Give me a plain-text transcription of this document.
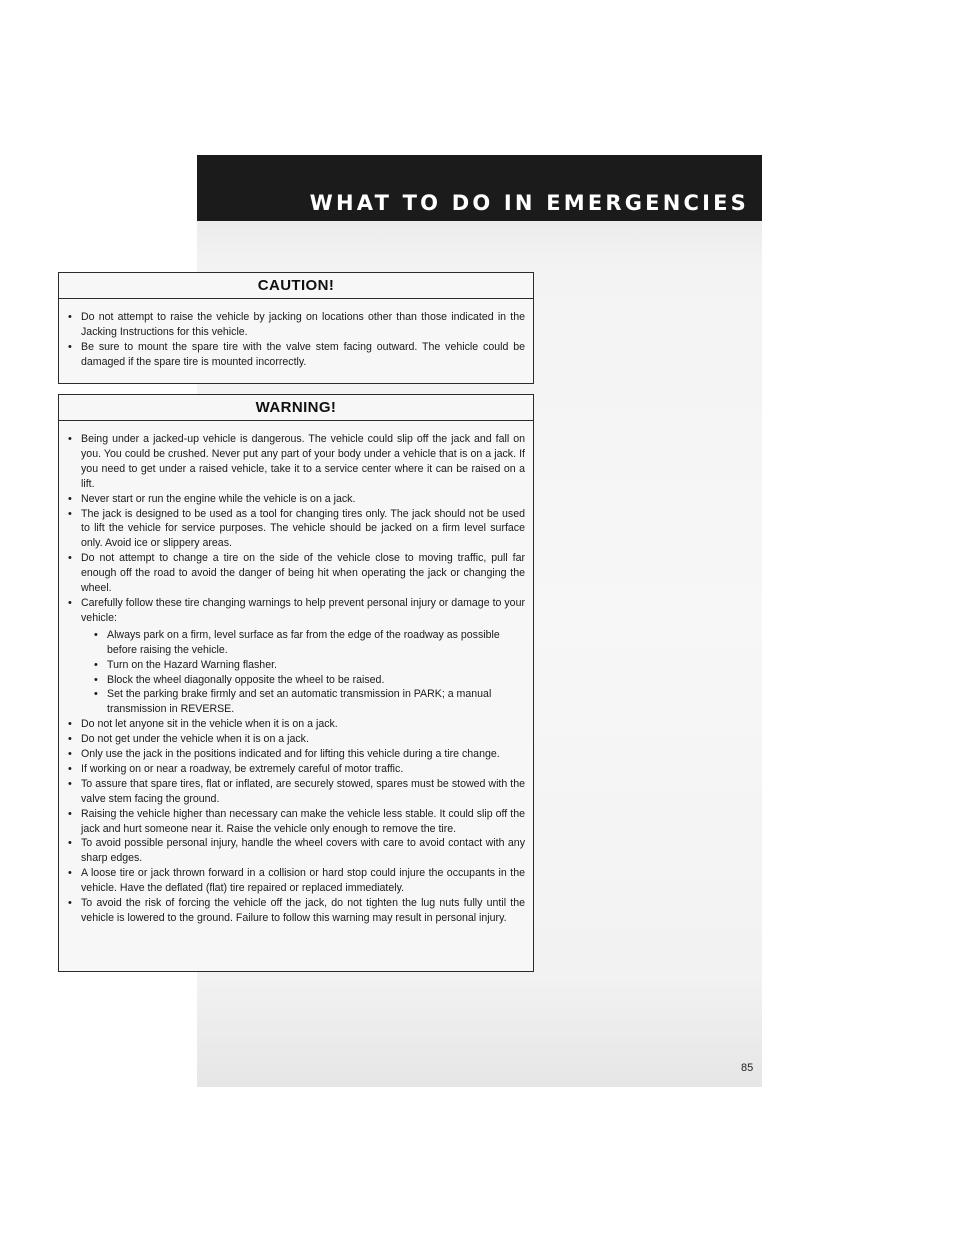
WHAT TO DO IN EMERGENCIES
CAUTION!
• Do not attempt to raise the vehicle by jacking on locations other than those indicated in the Jacking Instructions for this vehicle.
• Be sure to mount the spare tire with the valve stem facing outward. The vehicle could be damaged if the spare tire is mounted incorrectly.
WARNING!
• Being under a jacked-up vehicle is dangerous. The vehicle could slip off the jack and fall on you. You could be crushed. Never put any part of your body under a vehicle that is on a jack. If you need to get under a raised vehicle, take it to a service center where it can be raised on a lift.
• Never start or run the engine while the vehicle is on a jack.
• The jack is designed to be used as a tool for changing tires only. The jack should not be used to lift the vehicle for service purposes. The vehicle should be jacked on a firm level surface only. Avoid ice or slippery areas.
• Do not attempt to change a tire on the side of the vehicle close to moving traffic, pull far enough off the road to avoid the danger of being hit when operating the jack or changing the wheel.
• Carefully follow these tire changing warnings to help prevent personal injury or damage to your vehicle:
• Always park on a firm, level surface as far from the edge of the roadway as possible before raising the vehicle.
• Turn on the Hazard Warning flasher.
• Block the wheel diagonally opposite the wheel to be raised.
• Set the parking brake firmly and set an automatic transmission in PARK; a manual transmission in REVERSE.
• Do not let anyone sit in the vehicle when it is on a jack.
• Do not get under the vehicle when it is on a jack.
• Only use the jack in the positions indicated and for lifting this vehicle during a tire change.
• If working on or near a roadway, be extremely careful of motor traffic.
• To assure that spare tires, flat or inflated, are securely stowed, spares must be stowed with the valve stem facing the ground.
• Raising the vehicle higher than necessary can make the vehicle less stable. It could slip off the jack and hurt someone near it. Raise the vehicle only enough to remove the tire.
• To avoid possible personal injury, handle the wheel covers with care to avoid contact with any sharp edges.
• A loose tire or jack thrown forward in a collision or hard stop could injure the occupants in the vehicle. Have the deflated (flat) tire repaired or replaced immediately.
• To avoid the risk of forcing the vehicle off the jack, do not tighten the lug nuts fully until the vehicle is lowered to the ground. Failure to follow this warning may result in personal injury.
85
